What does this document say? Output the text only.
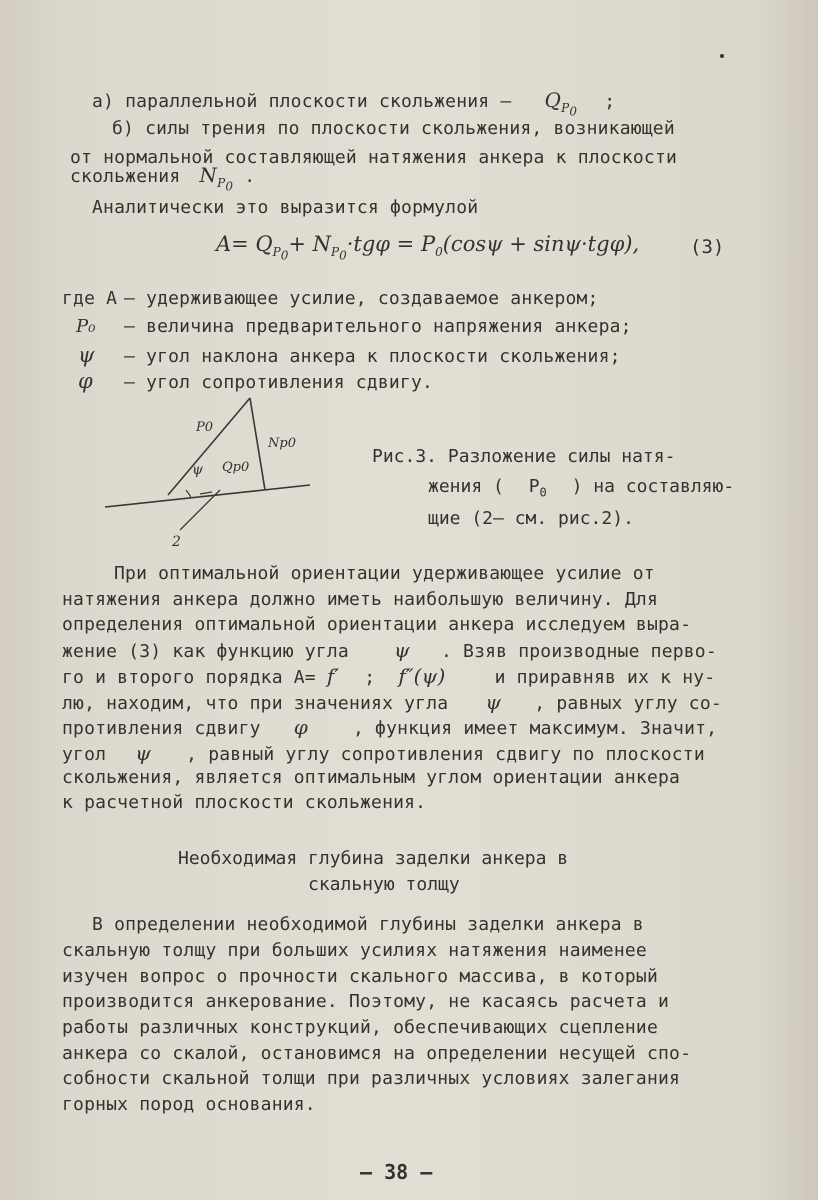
а) параллельной плоскости скольжения – $Q_{P_0}$ ;
б) силы трения по плоскости скольжения, возникающей
от нормальной составляющей натяжения анкера к плоскости
скольжения $N_{P_0}$ .
Аналитически это выразится формулой
$A= Q_{P_0}+ N_{P_0}\cdot tg\varphi = P_0(\cos\psi + \sin\psi\cdot tg\varphi)$,	(3)
где A – удерживающее усилие, создаваемое анкером;
P₀ – величина предварительного напряжения анкера;
ψ – угол наклона анкера к плоскости скольжения;
φ – угол сопротивления сдвигу.
P0
Np0
ψ Qp0
2
Рис.3. Разложение силы натя-
жения ( $P_0$ ) на составляю-
щие (2– см. рис.2).
При оптимальной ориентации удерживающее усилие от
натяжения анкера должно иметь наибольшую величину. Для
определения оптимальной ориентации анкера исследуем выра-
жение (3) как функцию угла ψ . Взяв производные перво-
го и второго порядка A= f′ ; f″(ψ)	и приравняв их к ну-
лю, находим, что при значениях угла ψ , равных углу со-
противления сдвигу φ	, функция имеет максимум. Значит,
угол ψ , равный углу сопротивления сдвигу по плоскости
скольжения, является оптимальным углом ориентации анкера
к расчетной плоскости скольжения.
Необходимая глубина заделки анкера в
скальную толщу
В определении необходимой глубины заделки анкера в
скальную толщу при больших усилиях натяжения наименее
изучен вопрос о прочности скального массива, в который
производится анкерование. Поэтому, не касаясь расчета и
работы различных конструкций, обеспечивающих сцепление
анкера со скалой, остановимся на определении несущей спо-
собности скальной толщи при различных условиях залегания
горных пород основания.
– 38 –
